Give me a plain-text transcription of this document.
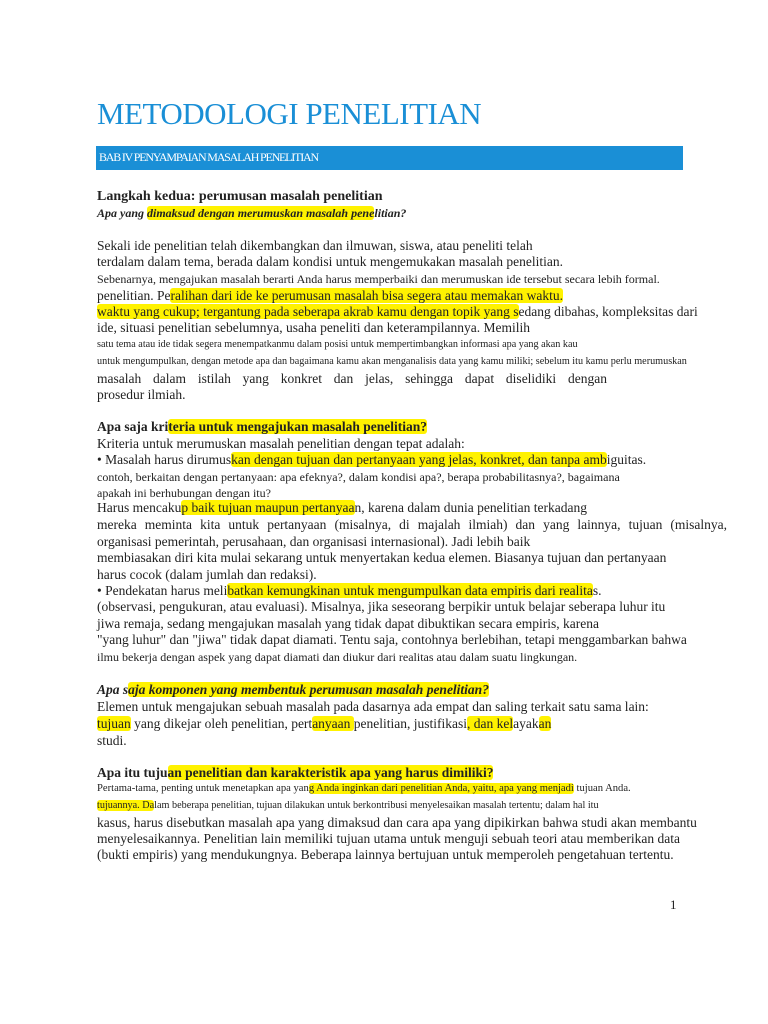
METODOLOGI PENELITIAN
BAB IV PENYAMPAIAN MASALAH PENELITIAN
Langkah kedua: perumusan masalah penelitian
Apa yang dimaksud dengan merumuskan masalah penelitian?
Sekali ide penelitian telah dikembangkan dan ilmuwan, siswa, atau peneliti telah
terdalam dalam tema, berada dalam kondisi untuk mengemukakan masalah penelitian.
Sebenarnya, mengajukan masalah berarti Anda harus memperbaiki dan merumuskan ide tersebut secara lebih formal.
penelitian. Peralihan dari ide ke perumusan masalah bisa segera atau memakan waktu.
waktu yang cukup; tergantung pada seberapa akrab kamu dengan topik yang sedang dibahas, kompleksitas dari
ide, situasi penelitian sebelumnya, usaha peneliti dan keterampilannya. Memilih
satu tema atau ide tidak segera menempatkanmu dalam posisi untuk mempertimbangkan informasi apa yang akan kau
untuk mengumpulkan, dengan metode apa dan bagaimana kamu akan menganalisis data yang kamu miliki; sebelum itu kamu perlu merumuskan
masalah dalam istilah yang konkret dan jelas, sehingga dapat diselidiki dengan
prosedur ilmiah.
Apa saja kriteria untuk mengajukan masalah penelitian?
Kriteria untuk merumuskan masalah penelitian dengan tepat adalah:
• Masalah harus dirumuskan dengan tujuan dan pertanyaan yang jelas, konkret, dan tanpa ambiguitas.
contoh, berkaitan dengan pertanyaan: apa efeknya?, dalam kondisi apa?, berapa probabilitasnya?, bagaimana
apakah ini berhubungan dengan itu?
Harus mencakup baik tujuan maupun pertanyaan, karena dalam dunia penelitian terkadang
mereka meminta kita untuk pertanyaan (misalnya, di majalah ilmiah) dan yang lainnya, tujuan (misalnya,
organisasi pemerintah, perusahaan, dan organisasi internasional). Jadi lebih baik
membiasakan diri kita mulai sekarang untuk menyertakan kedua elemen. Biasanya tujuan dan pertanyaan
harus cocok (dalam jumlah dan redaksi).
• Pendekatan harus melibatkan kemungkinan untuk mengumpulkan data empiris dari realitas.
(observasi, pengukuran, atau evaluasi). Misalnya, jika seseorang berpikir untuk belajar seberapa luhur itu
jiwa remaja, sedang mengajukan masalah yang tidak dapat dibuktikan secara empiris, karena
"yang luhur" dan "jiwa" tidak dapat diamati. Tentu saja, contohnya berlebihan, tetapi menggambarkan bahwa
ilmu bekerja dengan aspek yang dapat diamati dan diukur dari realitas atau dalam suatu lingkungan.
Apa saja komponen yang membentuk perumusan masalah penelitian?
Elemen untuk mengajukan sebuah masalah pada dasarnya ada empat dan saling terkait satu sama lain:
tujuan yang dikejar oleh penelitian, pertanyaan penelitian, justifikasi, dan kelayakan
studi.
Apa itu tujuan penelitian dan karakteristik apa yang harus dimiliki?
Pertama-tama, penting untuk menetapkan apa yang Anda inginkan dari penelitian Anda, yaitu, apa yang menjadi tujuan Anda.
tujuannya. Dalam beberapa penelitian, tujuan dilakukan untuk berkontribusi menyelesaikan masalah tertentu; dalam hal itu
kasus, harus disebutkan masalah apa yang dimaksud dan cara apa yang dipikirkan bahwa studi akan membantu
menyelesaikannya. Penelitian lain memiliki tujuan utama untuk menguji sebuah teori atau memberikan data
(bukti empiris) yang mendukungnya. Beberapa lainnya bertujuan untuk memperoleh pengetahuan tertentu.
1
